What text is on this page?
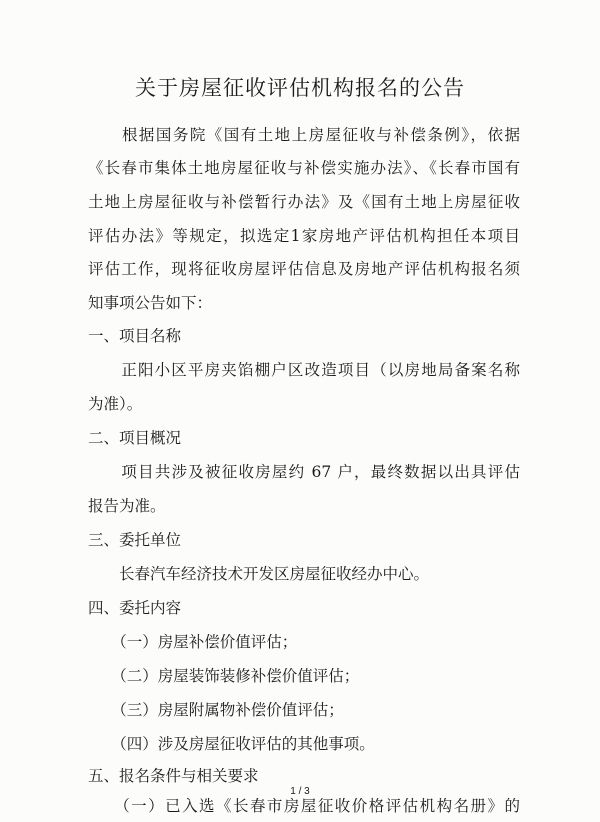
关于房屋征收评估机构报名的公告
　　根据国务院《国有土地上房屋征收与补偿条例》，依据
《长春市集体土地房屋征收与补偿实施办法》、《长春市国有
土地上房屋征收与补偿暂行办法》及《国有土地上房屋征收
评估办法》等规定，拟选定1家房地产评估机构担任本项目
评估工作，现将征收房屋评估信息及房地产评估机构报名须
知事项公告如下：
一、项目名称
　　正阳小区平房夹馅棚户区改造项目（以房地局备案名称
为准）。
二、项目概况
　　项目共涉及被征收房屋约 67 户，最终数据以出具评估
报告为准。
三、委托单位
　　长春汽车经济技术开发区房屋征收经办中心。
四、委托内容
　　（一）房屋补偿价值评估；
　　（二）房屋装饰装修补偿价值评估；
　　（三）房屋附属物补偿价值评估；
　　（四）涉及房屋征收评估的其他事项。
五、报名条件与相关要求
　　（一）已入选《长春市房屋征收价格评估机构名册》的
1 / 3
